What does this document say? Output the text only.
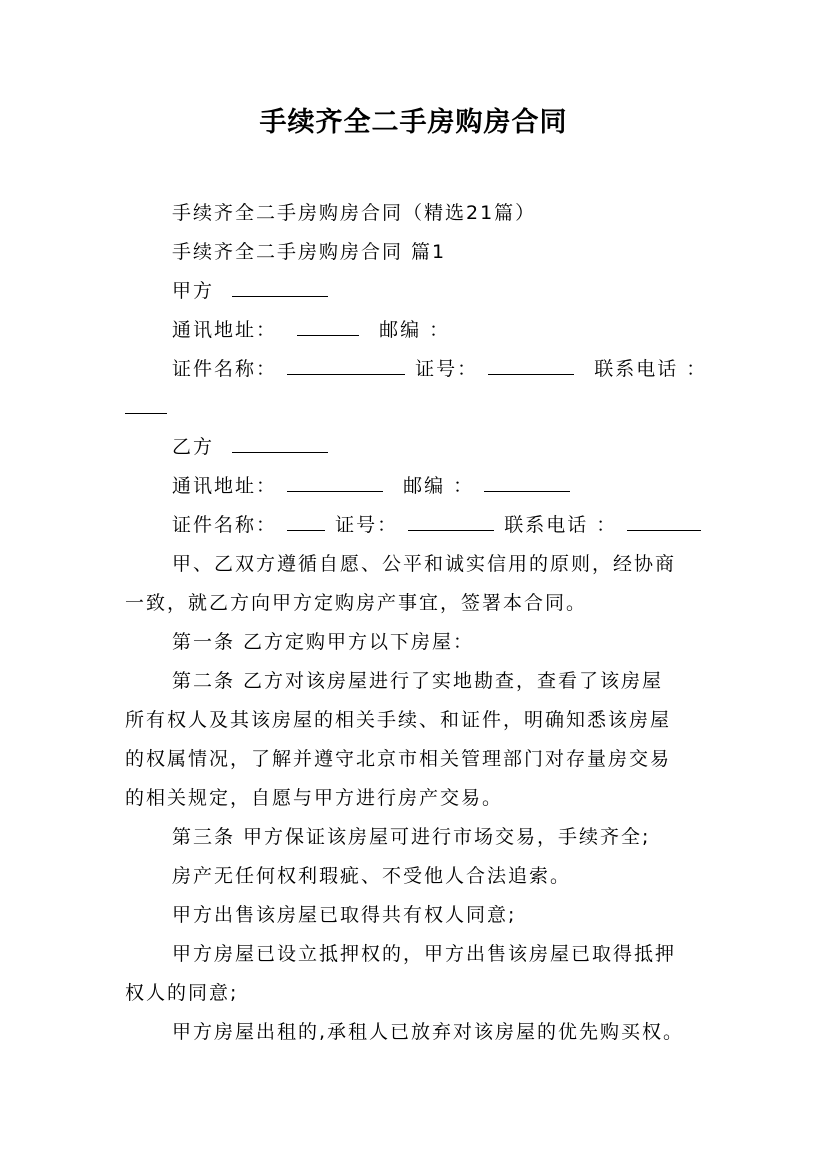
手续齐全二手房购房合同
手续齐全二手房购房合同（精选21篇）
手续齐全二手房购房合同 篇1
甲方
通讯地址：	邮编 ：
证件名称：	证号：	联系电话 ：
乙方
通讯地址：	邮编 ：
证件名称：	证号：	联系电话 ：
甲、乙双方遵循自愿、公平和诚实信用的原则，经协商
一致，就乙方向甲方定购房产事宜，签署本合同。
第一条 乙方定购甲方以下房屋：
第二条 乙方对该房屋进行了实地勘查，查看了该房屋
所有权人及其该房屋的相关手续、和证件，明确知悉该房屋
的权属情况，了解并遵守北京市相关管理部门对存量房交易
的相关规定，自愿与甲方进行房产交易。
第三条 甲方保证该房屋可进行市场交易，手续齐全;
房产无任何权利瑕疵、不受他人合法追索。
甲方出售该房屋已取得共有权人同意;
甲方房屋已设立抵押权的，甲方出售该房屋已取得抵押
权人的同意;
甲方房屋出租的,承租人已放弃对该房屋的优先购买权。
